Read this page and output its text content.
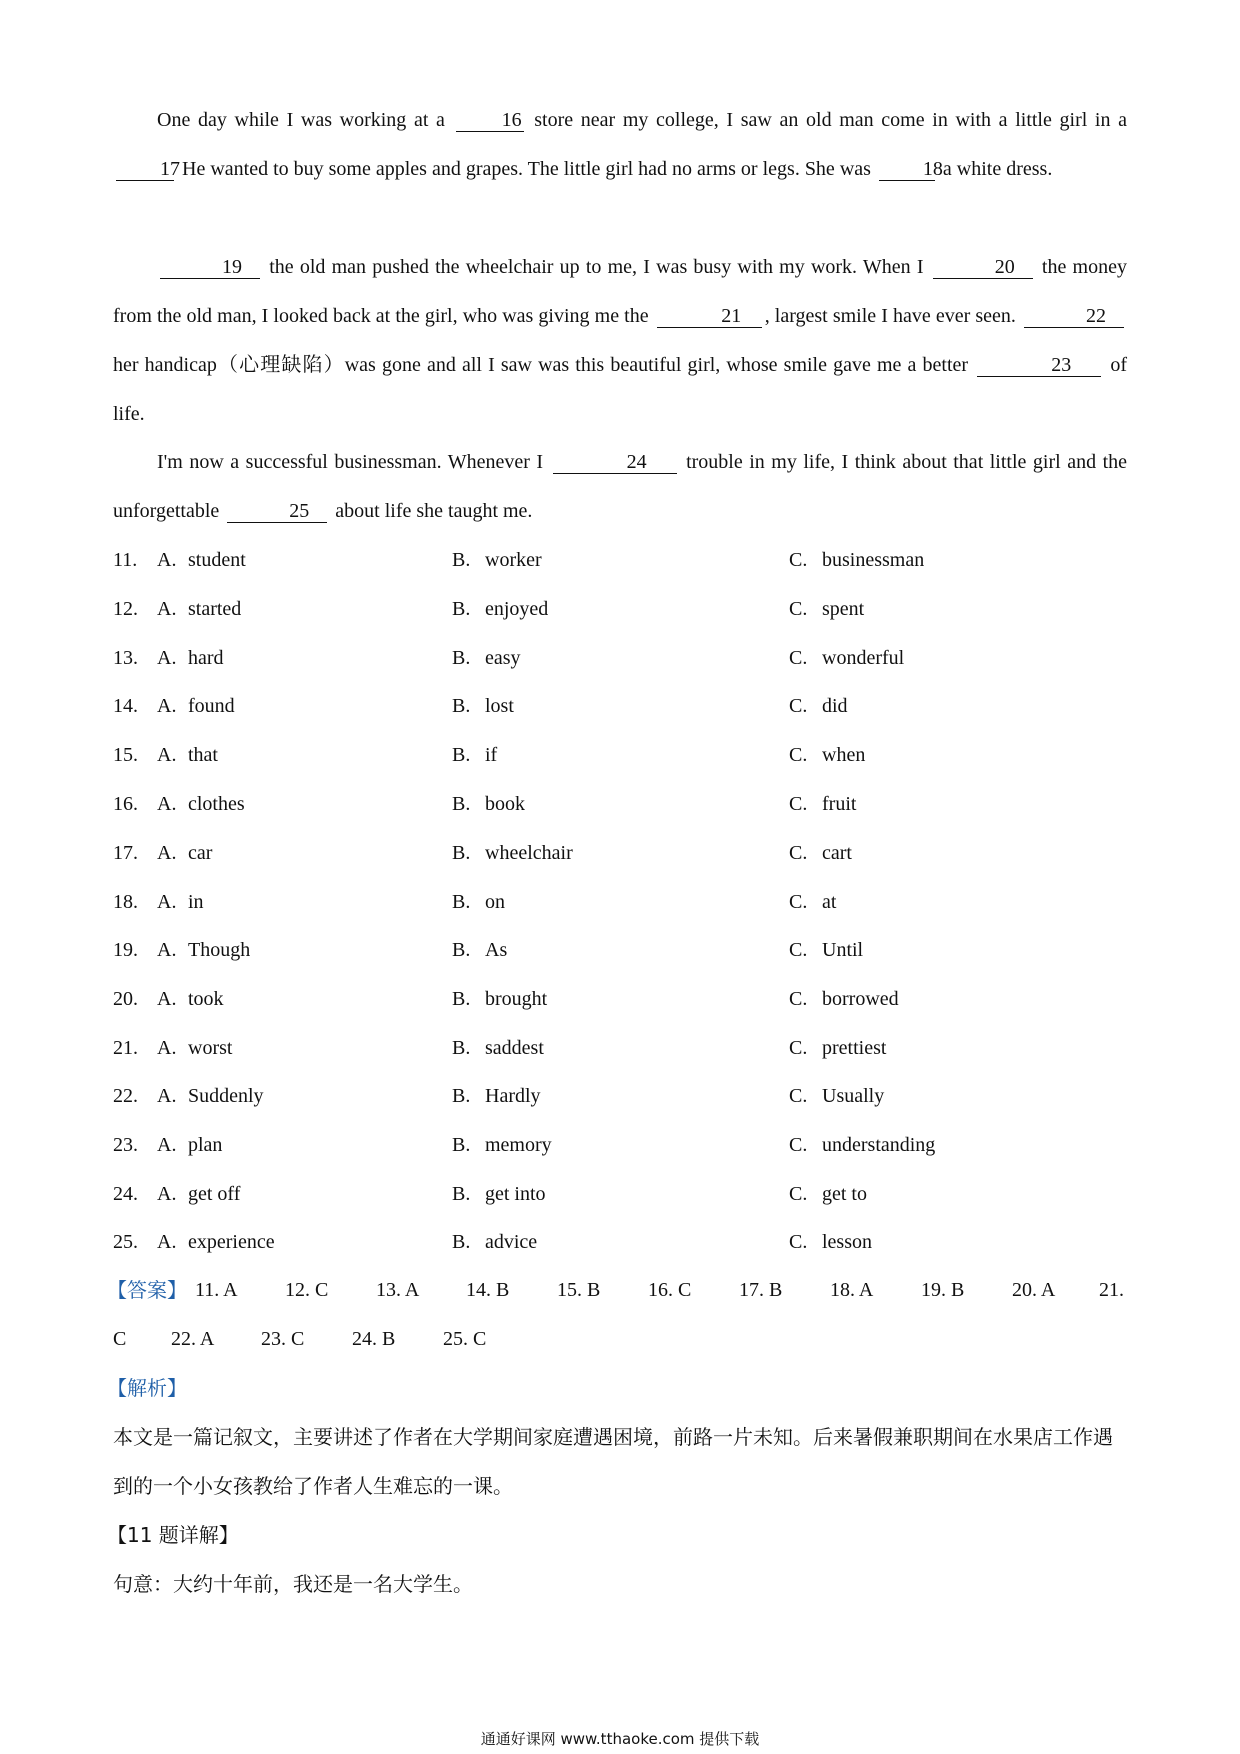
One day while I was working at a	16 store near my college, I saw an old man come in with a little girl in a 17 He wanted to buy some apples and grapes. The little girl had no arms or legs. She was	18 a white dress.
19 the old man pushed the wheelchair up to me, I was busy with my work. When I	20 the money from the old man, I looked back at the girl, who was giving me the	21 , largest smile I have ever seen.	22 her handicap（心理缺陷）was gone and all I saw was this beautiful girl, whose smile gave me a better	23 of life.
I'm now a successful businessman. Whenever I	24 trouble in my life, I think about that little girl and the unforgettable	25 about life she taught me.
11. A. student	B. worker	C. businessman
12. A. started	B. enjoyed	C. spent
13. A. hard	B. easy	C. wonderful
14. A. found	B. lost	C. did
15. A. that	B. if	C. when
16. A. clothes	B. book	C. fruit
17. A. car	B. wheelchair	C. cart
18. A. in	B. on	C. at
19. A. Though	B. As	C. Until
20. A. took	B. brought	C. borrowed
21. A. worst	B. saddest	C. prettiest
22. A. Suddenly	B. Hardly	C. Usually
23. A. plan	B. memory	C. understanding
24. A. get off	B. get into	C. get to
25. A. experience	B. advice	C. lesson
【答案】 11. A 12. C 13. A 14. B 15. B 16. C 17. B 18. A 19. B 20. A 21.
C 22. A 23. C 24. B 25. C
【解析】
本文是一篇记叙文，主要讲述了作者在大学期间家庭遭遇困境，前路一片未知。后来暑假兼职期间在水果店工作遇到的一个小女孩教给了作者人生难忘的一课。
【11 题详解】
句意：大约十年前，我还是一名大学生。
通通好课网 www.tthaoke.com 提供下载
